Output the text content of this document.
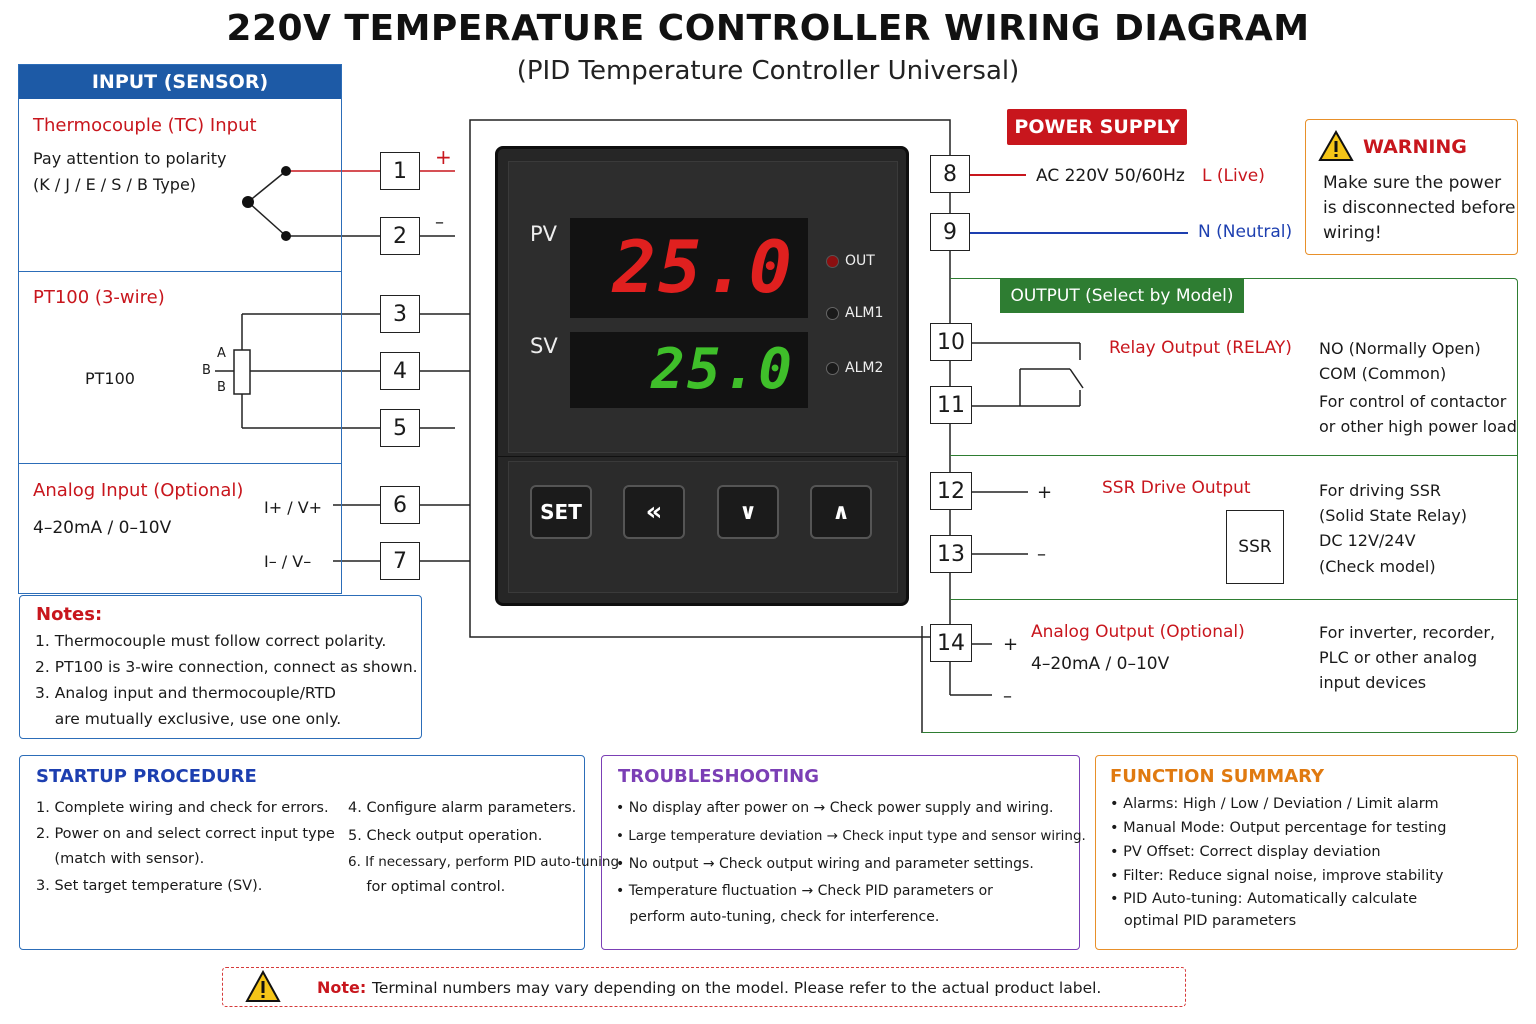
220V TEMPERATURE CONTROLLER WIRING DIAGRAM
(PID Temperature Controller Universal)
INPUT (SENSOR)
Thermocouple (TC) Input
Pay attention to polarity
(K / J / E / S / B Type)
PT100 (3-wire)
PT100
Analog Input (Optional)
4–20mA / 0–10V
I+ / V+
I– / V–
A
B
B
+
–
1
2
3
4
5
6
7
PV
SV
25.0
25.0
OUT
ALM1
ALM2
SET	«	∨	∧
8
9
10
11
12
13
14
POWER SUPPLY
AC 220V 50/60Hz L (Live)
N (Neutral)
WARNING
Make sure the power
is disconnected before
wiring!
OUTPUT (Select by Model)
Relay Output (RELAY) NO (Normally Open)
COM (Common)
For control of contactor
or other high power load
+
–
SSR Drive Output
SSR
For driving SSR
(Solid State Relay)
DC 12V/24V
(Check model)
+
–
Analog Output (Optional)
4–20mA / 0–10V
For inverter, recorder,
PLC or other analog
input devices
Notes:
1. Thermocouple must follow correct polarity.
2. PT100 is 3-wire connection, connect as shown.
3. Analog input and thermocouple/RTD
are mutually exclusive, use one only.
STARTUP PROCEDURE
1. Complete wiring and check for errors.
2. Power on and select correct input type
(match with sensor).
3. Set target temperature (SV).
4. Configure alarm parameters.
5. Check output operation.
6. If necessary, perform PID auto-tuning
for optimal control.
TROUBLESHOOTING
• No display after power on → Check power supply and wiring.
• Large temperature deviation → Check input type and sensor wiring.
• No output → Check output wiring and parameter settings.
• Temperature fluctuation → Check PID parameters or
perform auto-tuning, check for interference.
FUNCTION SUMMARY
• Alarms: High / Low / Deviation / Limit alarm
• Manual Mode: Output percentage for testing
• PV Offset: Correct display deviation
• Filter: Reduce signal noise, improve stability
• PID Auto-tuning: Automatically calculate
optimal PID parameters
Note: Terminal numbers may vary depending on the model. Please refer to the actual product label.
